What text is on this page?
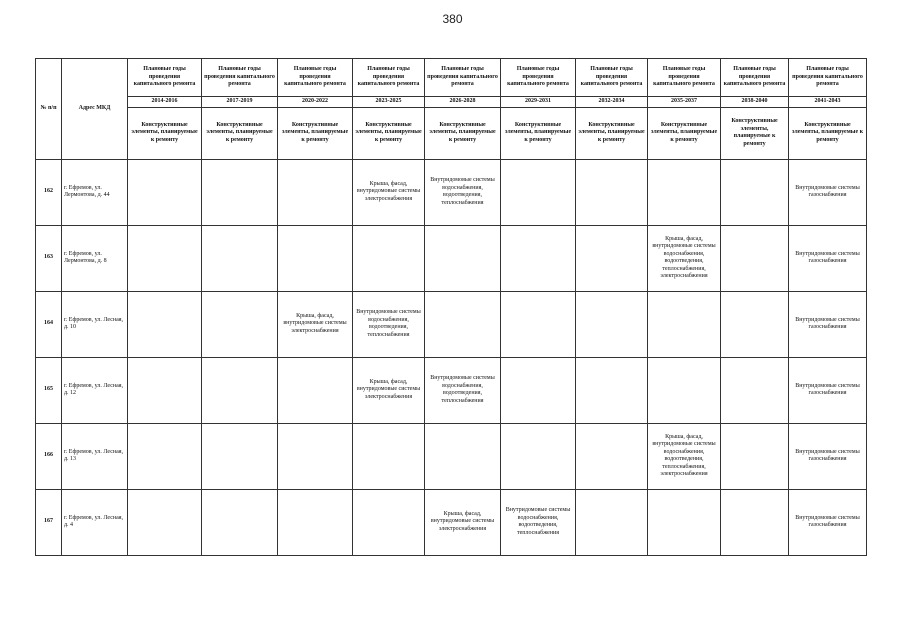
380
№ п/п	Адрес МКД	Плановые годы проведения капитального ремонта	Плановые годы проведения капитального ремонта	Плановые годы проведения капитального ремонта	Плановые годы проведения капитального ремонта	Плановые годы проведения капитального ремонта	Плановые годы проведения капитального ремонта	Плановые годы проведения капитального ремонта	Плановые годы проведения капитального ремонта	Плановые годы проведения капитального ремонта	Плановые годы проведения капитального ремонта
		2014-2016	2017-2019	2020-2022	2023-2025	2026-2028	2029-2031	2032-2034	2035-2037	2038-2040	2041-2043
		Конструктивные элементы, планируемые к ремонту	Конструктивные элементы, планируемые к ремонту	Конструктивные элементы, планируемые к ремонту	Конструктивные элементы, планируемые к ремонту	Конструктивные элементы, планируемые к ремонту	Конструктивные элементы, планируемые к ремонту	Конструктивные элементы, планируемые к ремонту	Конструктивные элементы, планируемые к ремонту	Конструктивные элементы, планируемые к ремонту	Конструктивные элементы, планируемые к ремонту
162	г. Ефремов, ул. Лермонтова, д. 44				Крыша, фасад, внутридомовые системы электроснабжения	Внутридомовые системы водоснабжения, водоотведения, теплоснабжения					Внутридомовые системы газоснабжения
163	г. Ефремов, ул. Лермонтова, д. 8								Крыша, фасад, внутридомовые системы водоснабжения, водоотведения, теплоснабжения, электроснабжения		Внутридомовые системы газоснабжения
164	г. Ефремов, ул. Лесная, д. 10			Крыша, фасад, внутридомовые системы электроснабжения	Внутридомовые системы водоснабжения, водоотведения, теплоснабжения						Внутридомовые системы газоснабжения
165	г. Ефремов, ул. Лесная, д. 12				Крыша, фасад, внутридомовые системы электроснабжения	Внутридомовые системы водоснабжения, водоотведения, теплоснабжения					Внутридомовые системы газоснабжения
166	г. Ефремов, ул. Лесная, д. 13								Крыша, фасад, внутридомовые системы водоснабжения, водоотведения, теплоснабжения, электроснабжения		Внутридомовые системы газоснабжения
167	г. Ефремов, ул. Лесная, д. 4					Крыша, фасад, внутридомовые системы электроснабжения	Внутридомовые системы водоснабжения, водоотведения, теплоснабжения				Внутридомовые системы газоснабжения
